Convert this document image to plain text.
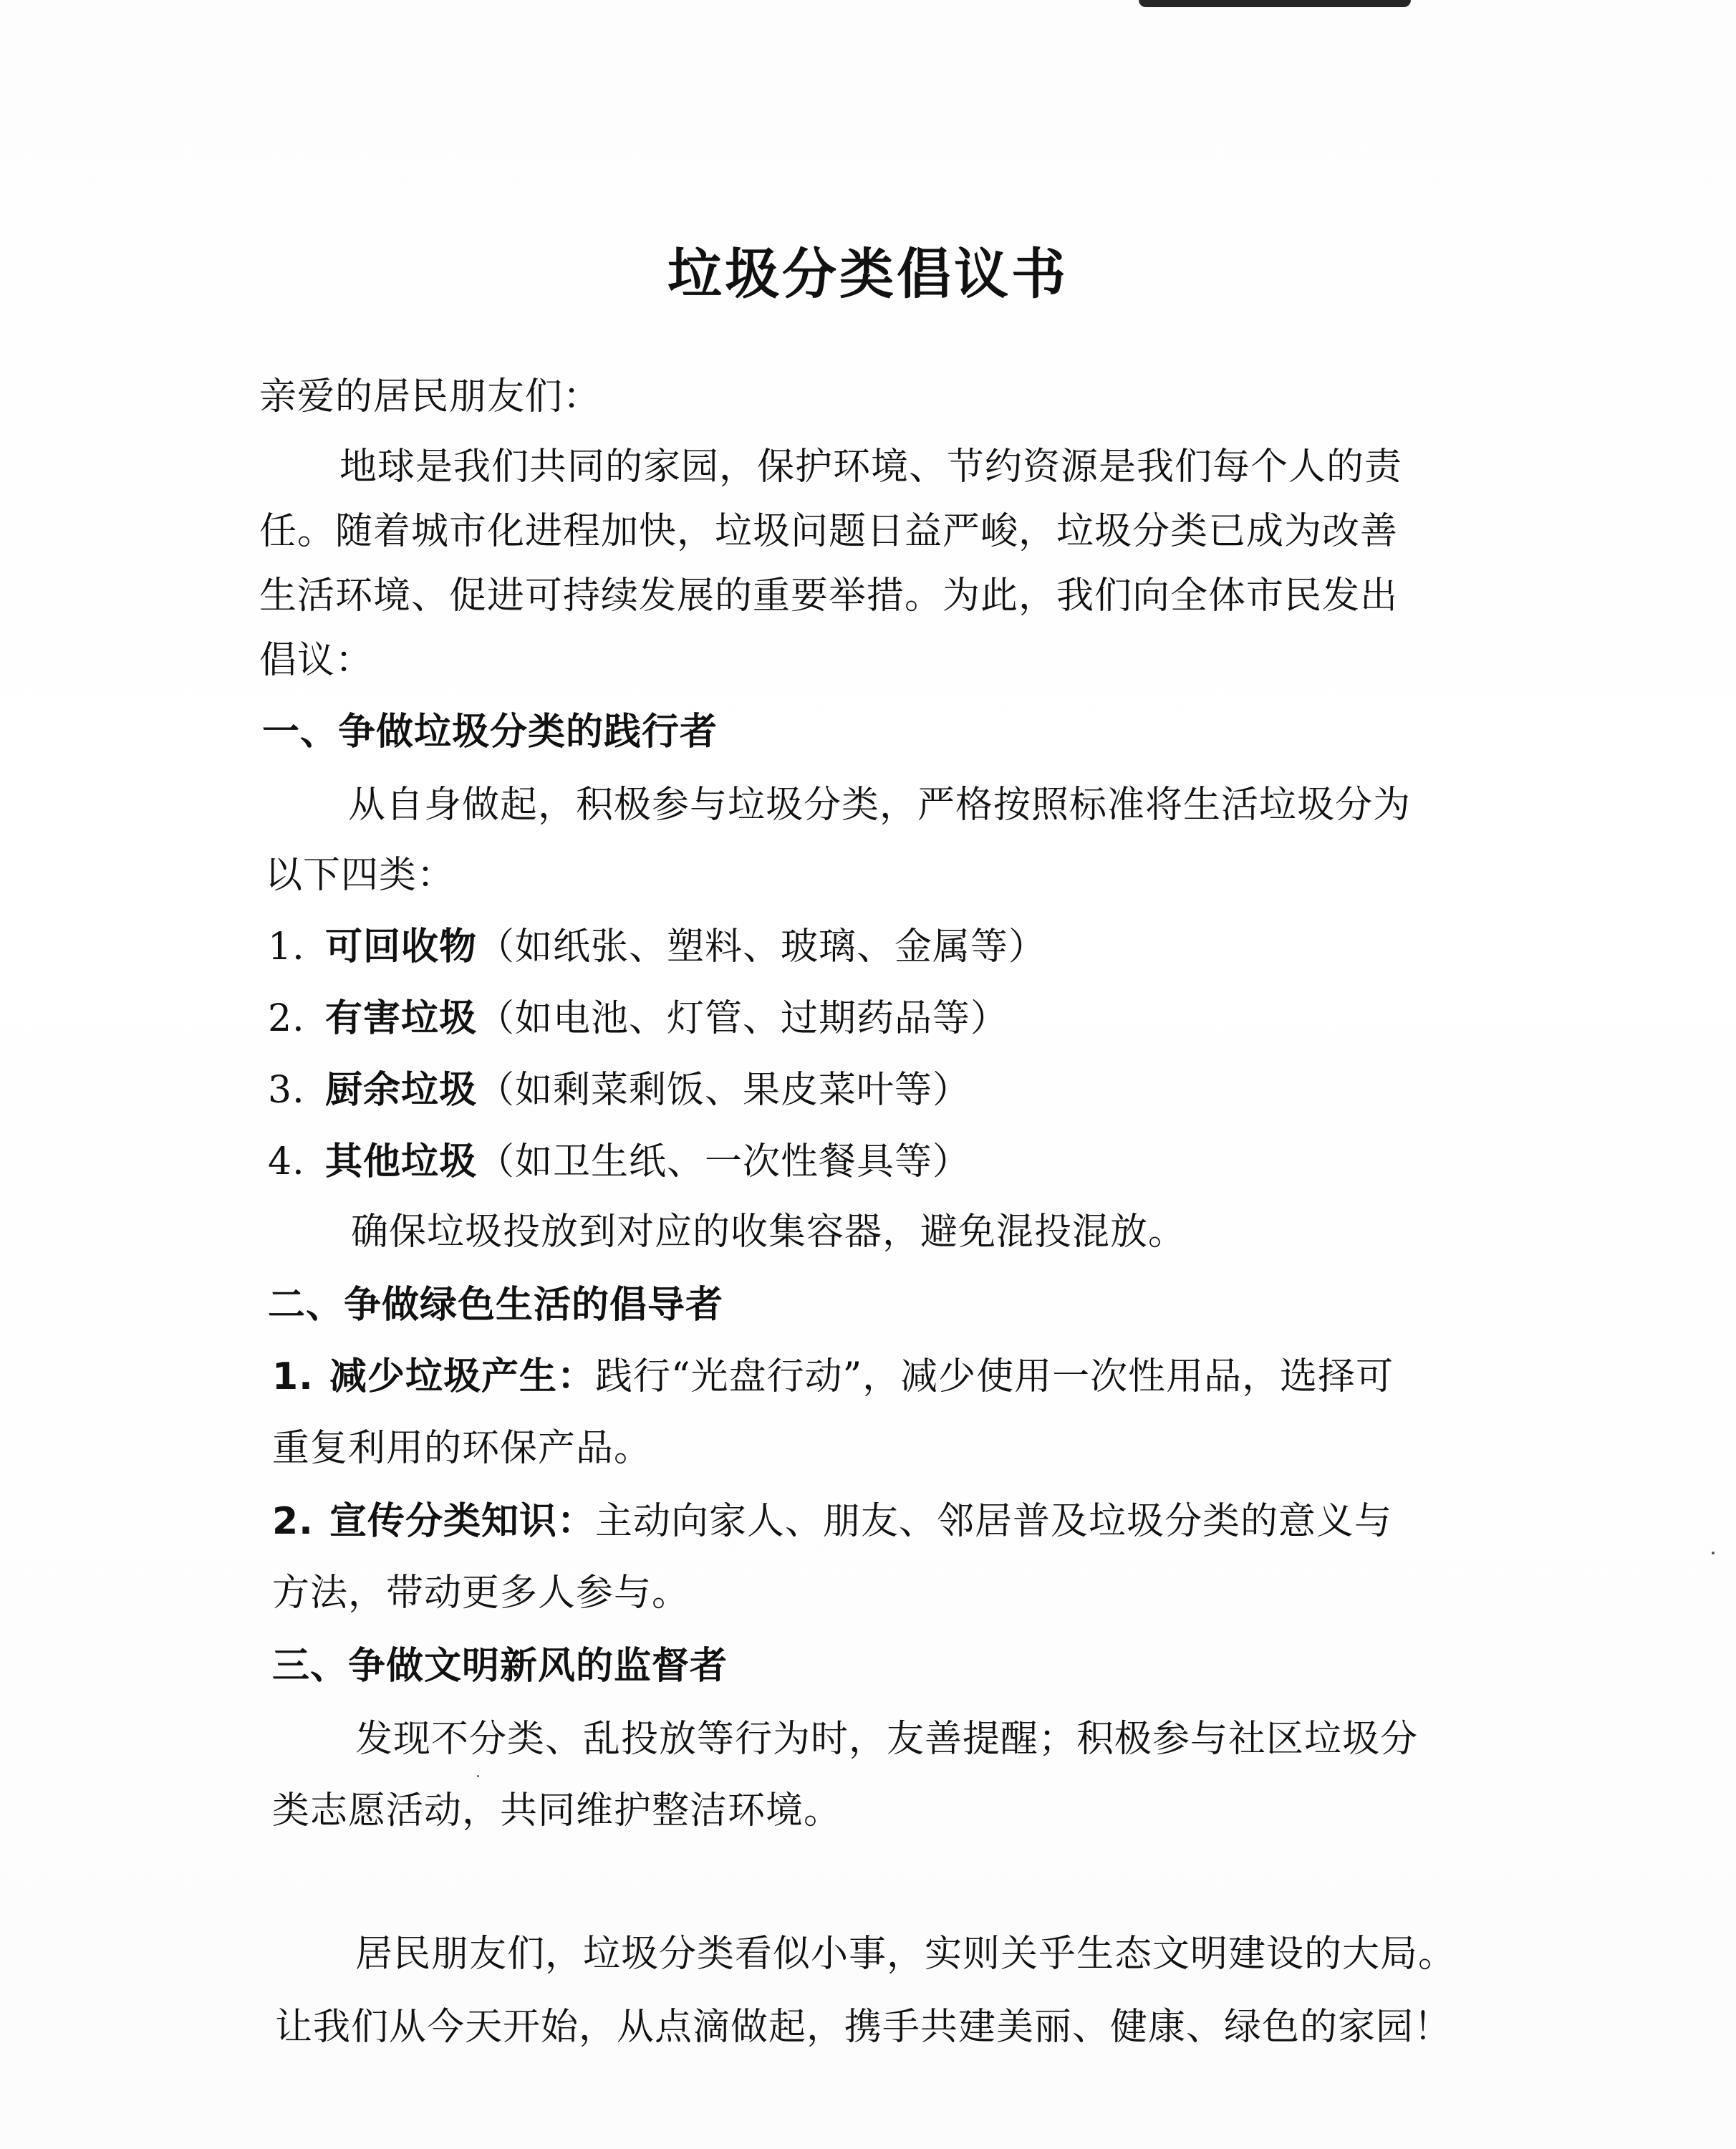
垃圾分类倡议书
亲爱的居民朋友们：
地球是我们共同的家园，保护环境、节约资源是我们每个人的责
任。随着城市化进程加快，垃圾问题日益严峻，垃圾分类已成为改善
生活环境、促进可持续发展的重要举措。为此，我们向全体市民发出
倡议：
一、争做垃圾分类的践行者
从自身做起，积极参与垃圾分类，严格按照标准将生活垃圾分为
以下四类：
1. 可回收物（如纸张、塑料、玻璃、金属等）
2. 有害垃圾（如电池、灯管、过期药品等）
3. 厨余垃圾（如剩菜剩饭、果皮菜叶等）
4. 其他垃圾（如卫生纸、一次性餐具等）
确保垃圾投放到对应的收集容器，避免混投混放。
二、争做绿色生活的倡导者
1. 减少垃圾产生：践行“光盘行动”，减少使用一次性用品，选择可
重复利用的环保产品。
2. 宣传分类知识：主动向家人、朋友、邻居普及垃圾分类的意义与
方法，带动更多人参与。
三、争做文明新风的监督者
发现不分类、乱投放等行为时，友善提醒；积极参与社区垃圾分
类志愿活动，共同维护整洁环境。
居民朋友们，垃圾分类看似小事，实则关乎生态文明建设的大局。
让我们从今天开始，从点滴做起，携手共建美丽、健康、绿色的家园！
